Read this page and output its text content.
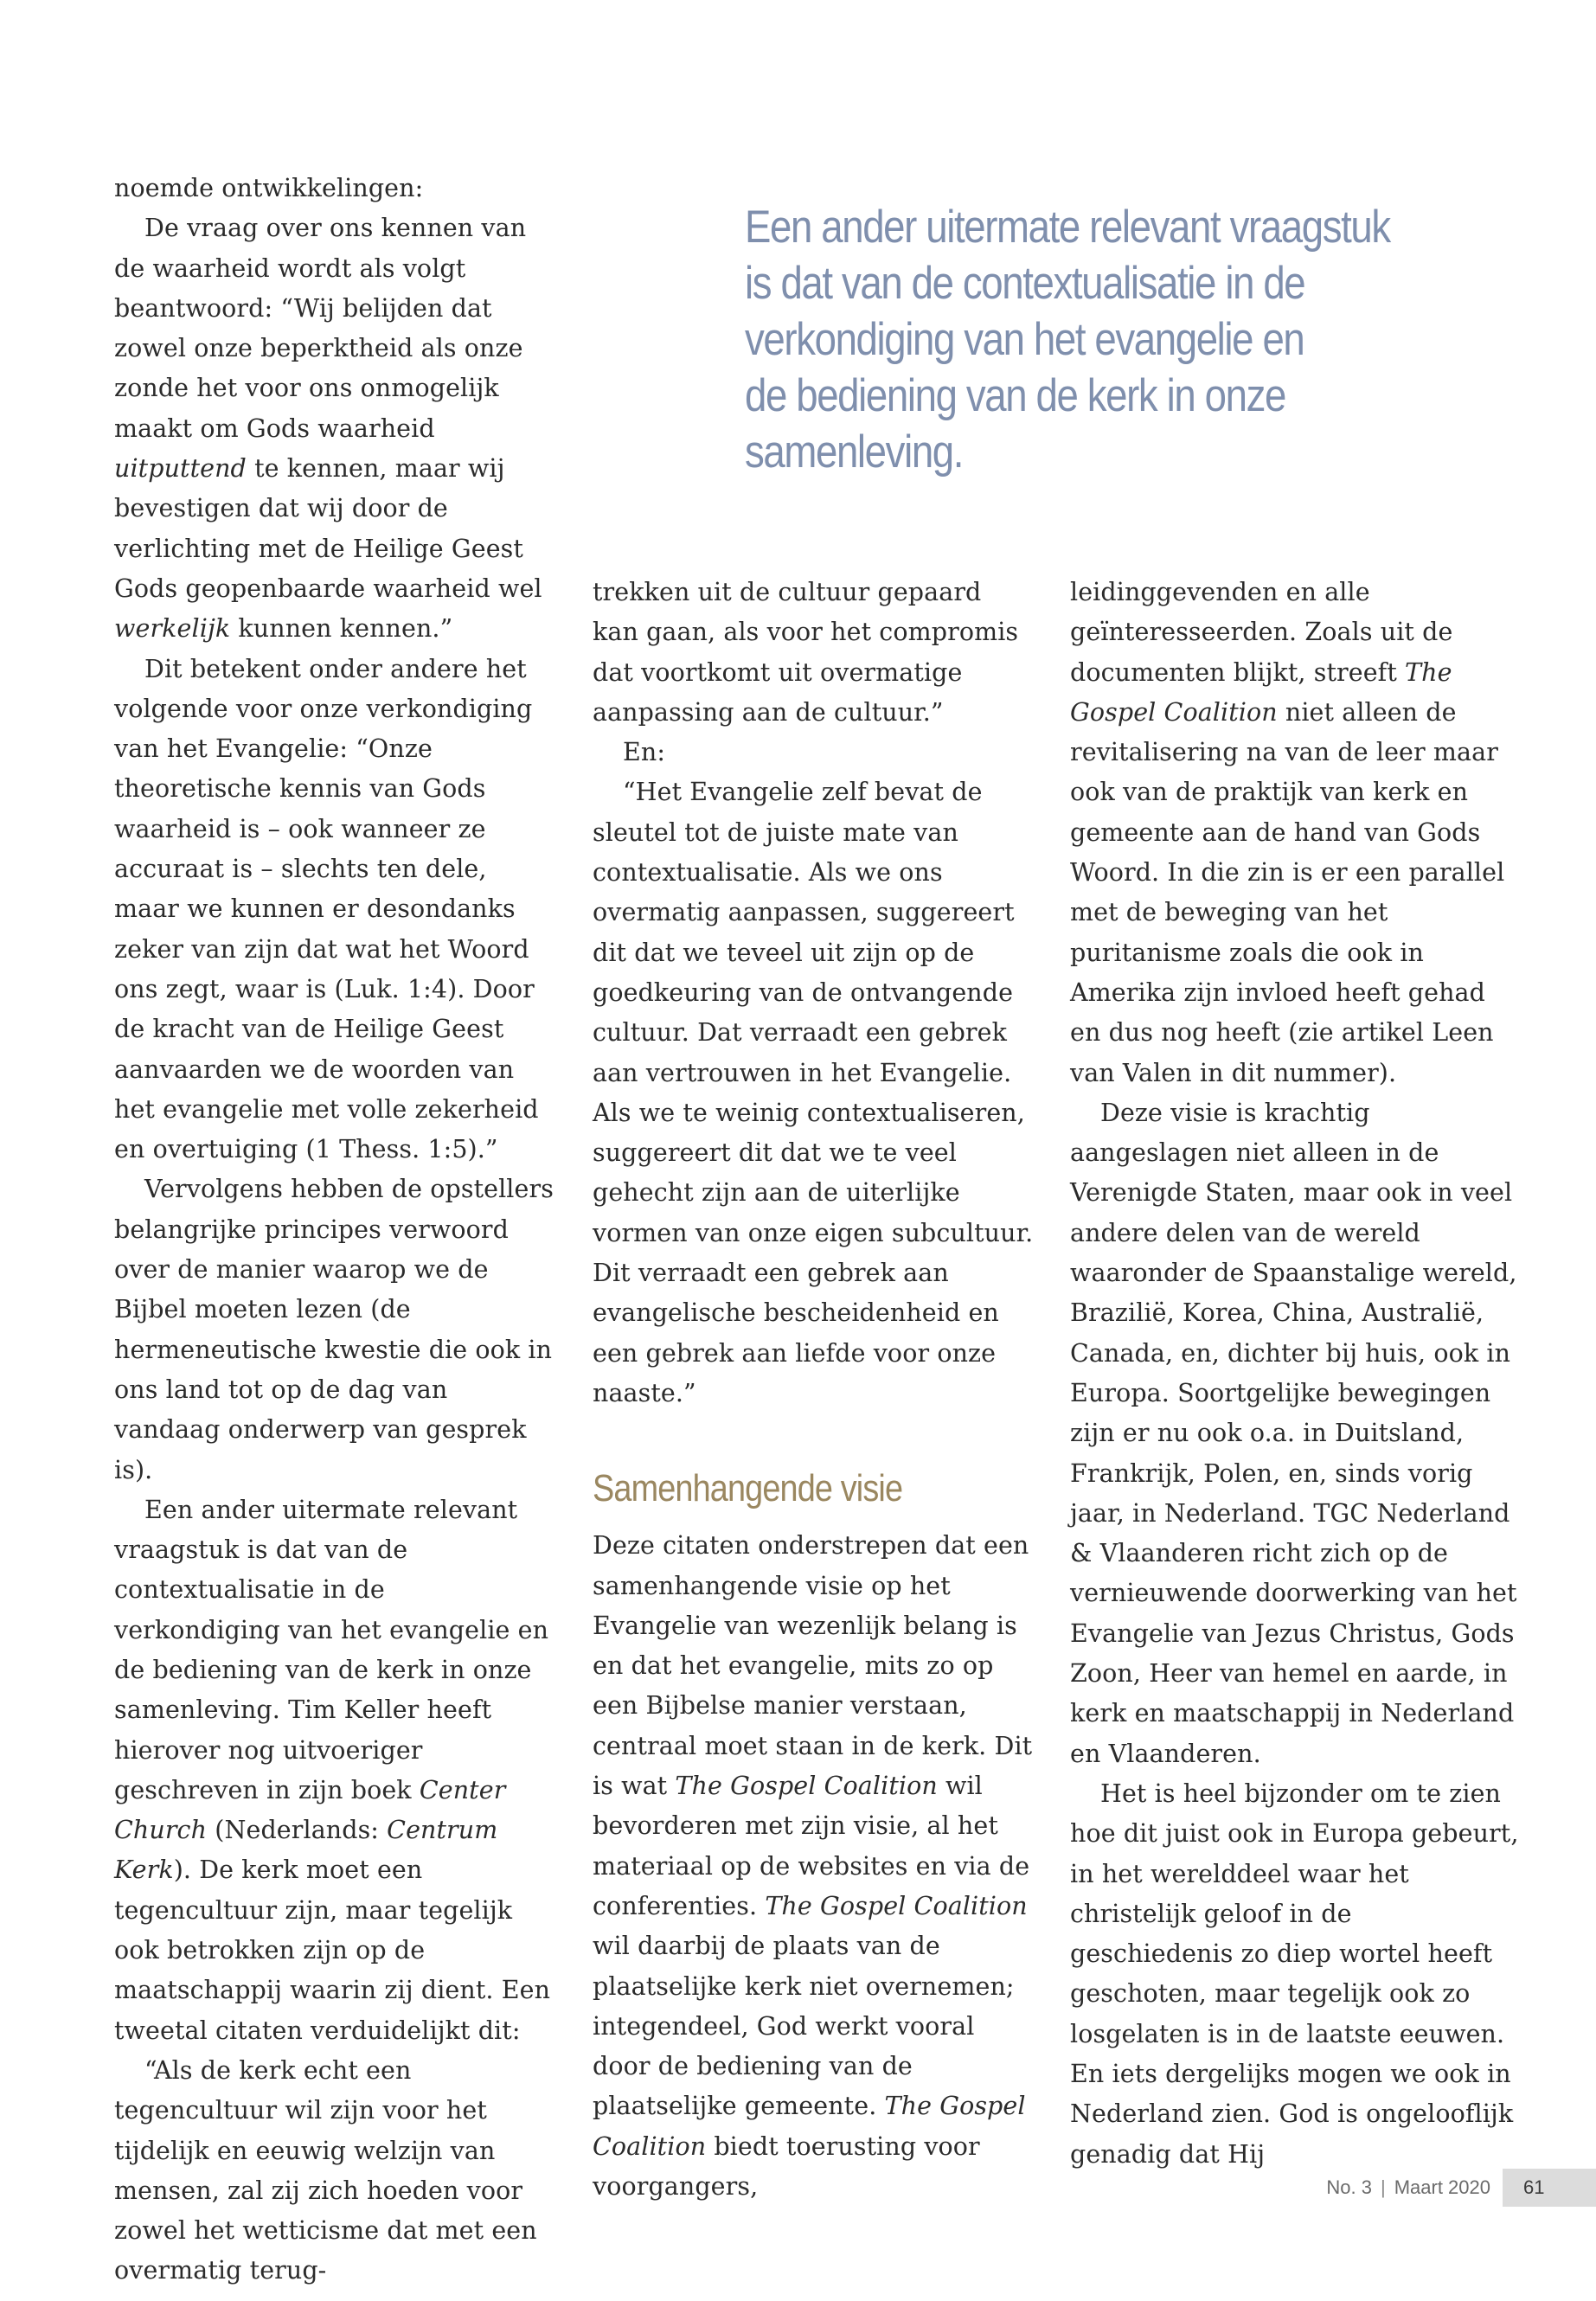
Een ander uitermate relevant vraagstuk
is dat van de contextualisatie in de
verkondiging van het evangelie en
de bediening van de kerk in onze
samenleving.

noemde ontwikkelingen:

De vraag over ons kennen van de waarheid wordt als volgt beantwoord: “Wij belijden dat zowel onze beperktheid als onze zonde het voor ons onmogelijk maakt om Gods waarheid uitputtend te kennen, maar wij bevestigen dat wij door de verlichting met de Heilige Geest Gods geopenbaarde waarheid wel werkelijk kunnen kennen.”

Dit betekent onder andere het volgende voor onze verkondiging van het Evangelie: “Onze theoretische kennis van Gods waarheid is – ook wanneer ze accuraat is – slechts ten dele, maar we kunnen er desondanks zeker van zijn dat wat het Woord ons zegt, waar is (Luk. 1:4). Door de kracht van de Heilige Geest aanvaarden we de woorden van het evangelie met volle zekerheid en overtuiging (1 Thess. 1:5).”

Vervolgens hebben de opstellers belangrijke principes verwoord over de manier waarop we de Bijbel moeten lezen (de hermeneutische kwestie die ook in ons land tot op de dag van vandaag onderwerp van gesprek is).

Een ander uitermate relevant vraagstuk is dat van de contextualisatie in de verkondiging van het evangelie en de bediening van de kerk in onze samenleving. Tim Keller heeft hierover nog uitvoeriger geschreven in zijn boek Center Church (Nederlands: Centrum Kerk). De kerk moet een tegencultuur zijn, maar tegelijk ook betrokken zijn op de maatschappij waarin zij dient. Een tweetal citaten verduidelijkt dit:

“Als de kerk echt een tegencultuur wil zijn voor het tijdelijk en eeuwig welzijn van mensen, zal zij zich hoeden voor zowel het wetticisme dat met een overmatig terug-

trekken uit de cultuur gepaard kan gaan, als voor het compromis dat voortkomt uit overmatige aanpassing aan de cultuur.”

En:

“Het Evangelie zelf bevat de sleutel tot de juiste mate van contextualisatie. Als we ons overmatig aanpassen, suggereert dit dat we teveel uit zijn op de goedkeuring van de ontvangende cultuur. Dat verraadt een gebrek aan vertrouwen in het Evangelie. Als we te weinig contextualiseren, suggereert dit dat we te veel gehecht zijn aan de uiterlijke vormen van onze eigen subcultuur. Dit verraadt een gebrek aan evangelische bescheidenheid en een gebrek aan liefde voor onze naaste.”

Samenhangende visie

Deze citaten onderstrepen dat een samenhangende visie op het Evangelie van wezenlijk belang is en dat het evangelie, mits zo op een Bijbelse manier verstaan, centraal moet staan in de kerk. Dit is wat The Gospel Coalition wil bevorderen met zijn visie, al het materiaal op de websites en via de conferenties. The Gospel Coalition wil daarbij de plaats van de plaatselijke kerk niet overnemen; integendeel, God werkt vooral door de bediening van de plaatselijke gemeente. The Gospel Coalition biedt toerusting voor voorgangers,

leidinggevenden en alle geïnteresseerden. Zoals uit de documenten blijkt, streeft The Gospel Coalition niet alleen de revitalisering na van de leer maar ook van de praktijk van kerk en gemeente aan de hand van Gods Woord. In die zin is er een parallel met de beweging van het puritanisme zoals die ook in Amerika zijn invloed heeft gehad en dus nog heeft (zie artikel Leen van Valen in dit nummer).

Deze visie is krachtig aangeslagen niet alleen in de Verenigde Staten, maar ook in veel andere delen van de wereld waaronder de Spaanstalige wereld, Brazilië, Korea, China, Australië, Canada, en, dichter bij huis, ook in Europa. Soortgelijke bewegingen zijn er nu ook o.a. in Duitsland, Frankrijk, Polen, en, sinds vorig jaar, in Nederland. TGC Nederland & Vlaanderen richt zich op de vernieuwende doorwerking van het Evangelie van Jezus Christus, Gods Zoon, Heer van hemel en aarde, in kerk en maatschappij in Nederland en Vlaanderen.

Het is heel bijzonder om te zien hoe dit juist ook in Europa gebeurt, in het werelddeel waar het christelijk geloof in de geschiedenis zo diep wortel heeft geschoten, maar tegelijk ook zo losgelaten is in de laatste eeuwen. En iets dergelijks mogen we ook in Nederland zien. God is ongelooflijk genadig dat Hij

No. 3 | Maart 2020 61
